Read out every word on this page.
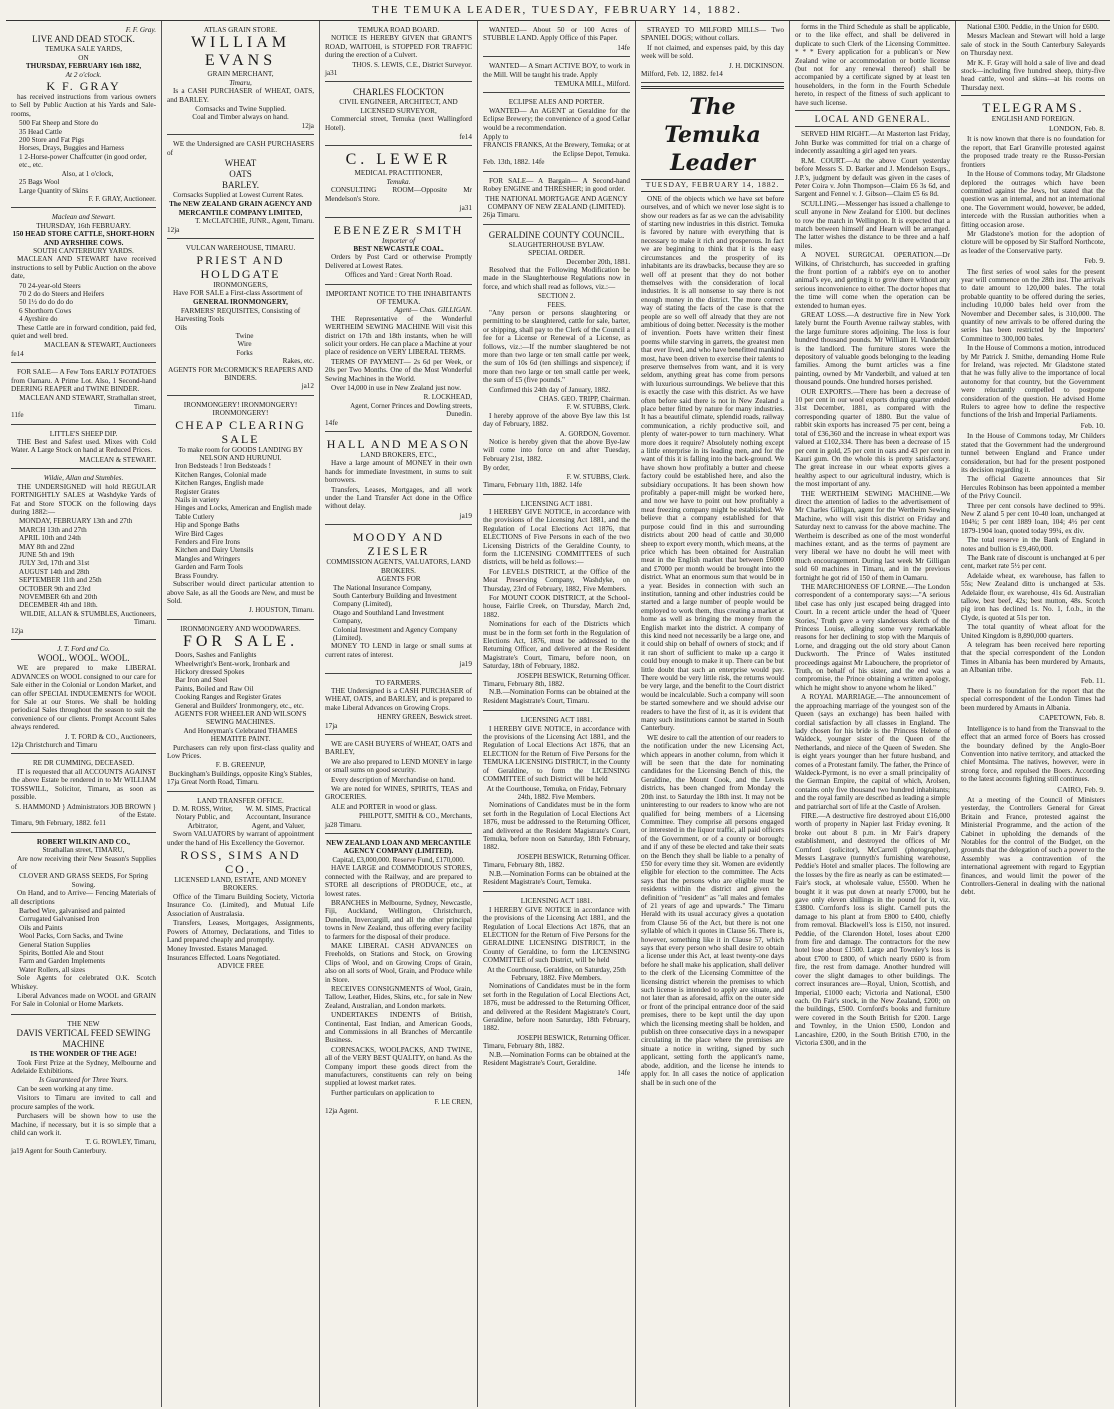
THE TEMUKA LEADER, TUESDAY, FEBRUARY 14, 1882.
F. F. Gray.
LIVE AND DEAD STOCK.
TEMUKA SALE YARDS,
ON
THURSDAY, FEBRUARY 16th 1882,
At 2 o'clock.
K F. GRAY
has received instructions from various owners to Sell by Public Auction at his Yards and Sale-rooms,
500 Fat Sheep and Store do
35 Head Cattle
200 Store and Fat Pigs
Horses, Drays, Buggies and Harness
1 2-Horse-power Chaffcutter (in good order, etc., etc.
Also, at 1 o'clock,
25 Bags Wool
Large Quantity of Skins
F. F. GRAY, Auctioneer.
Maclean and Stewart.
THURSDAY, 16th FEBRUARY.
150 HEAD STORE CATTLE, SHORT-HORN AND AYRSHIRE COWS.
SOUTH CANTERBURY YARDS.
MACLEAN AND STEWART have received instructions to sell by Public Auction on the above date,
70 24-year-old Steers
70 2 do do Steers and Heifers
50 1½ do do do do
6 Shorthorn Cows
4 Ayrshire do
These Cattle are in forward condition, paid fed, quiet and well bred.
MACLEAN & STEWART, Auctioneers
fe14
FOR SALE— A Few Tons EARLY POTATOES from Oamaru. A Prime Lot. Also, 1 Second-hand DEERING REAPER and TWINE BINDER.
MACLEAN AND STEWART, Strathallan street, Timaru.
11fe
LITTLE'S SHEEP DIP.
THE Best and Safest used. Mixes with Cold Water. A Large Stock on hand at Reduced Prices.
MACLEAN & STEWART.
Wildie, Allan and Stumbles.
THE UNDERSIGNED will hold REGULAR FORTNIGHTLY SALES at Washdyke Yards of Fat and Store STOCK on the following days during 1882:—
MONDAY, FEBRUARY 13th and 27th
MARCH 13th and 27th
APRIL 10th and 24th
MAY 8th and 22nd
JUNE 5th and 19th
JULY 3rd, 17th and 31st
AUGUST 14th and 28th
SEPTEMBER 11th and 25th
OCTOBER 9th and 23rd
NOVEMBER 6th and 20th
DECEMBER 4th and 18th.
WILDIE, ALLAN & STUMBLES, Auctioneers, Timaru.
12ja
J. T. Ford and Co.
WOOL. WOOL. WOOL.
WE are prepared to make LIBERAL ADVANCES on WOOL consigned to our care for Sale either in the Colonial or London Market, and can offer SPECIAL INDUCEMENTS for WOOL for Sale at our Stores. We shall be holding periodical Sales throughout the season to suit the convenience of our clients. Prompt Account Sales always rendered.
J. T. FORD & CO., Auctioneers,
12ja Christchurch and Timaru
RE DR CUMMING, DECEASED.
IT is requested that all ACCOUNTS AGAINST the above Estate be rendered in to Mr WILLIAM TOSSWILL, Solicitor, Timaru, as soon as possible.
S. HAMMOND } Administrators JOB BROWN } of the Estate.
Timaru, 9th February, 1882. fe11
ROBERT WILKIN AND CO.,
Strathallan street, TIMARU,
Are now receiving their New Season's Supplies of
CLOVER AND GRASS SEEDS, For Spring Sowing.
On Hand, and to Arrive— Fencing Materials of all descriptions
Barbed Wire, galvanised and painted
Corrugated Galvanised Iron
Oils and Paints
Wool Packs, Corn Sacks, and Twine
General Station Supplies
Spirits, Bottled Ale and Stout
Farm and Garden Implements
Water Rollers, all sizes
Sole Agents for celebrated O.K. Scotch Whiskey.
Liberal Advances made on WOOL and GRAIN For Sale in Colonial or Home Markets.
THE NEW
DAVIS VERTICAL FEED SEWING MACHINE
IS THE WONDER OF THE AGE!
Took First Prize at the Sydney, Melbourne and Adelaide Exhibitions.
Is Guaranteed for Three Years.
Can be seen working at any time.
Visitors to Timaru are invited to call and procure samples of the work.
Purchasers will be shown how to use the Machine, if necessary, but it is so simple that a child can work it.
T. G. ROWLEY, Timaru,
ja19 Agent for South Canterbury.
ATLAS GRAIN STORE.
WILLIAM EVANS
GRAIN MERCHANT,
Timaru,
Is a CASH PURCHASER of WHEAT, OATS, and BARLEY.
Cornsacks and Twine Supplied.
Coal and Timber always on hand.
12ja
WE the Undersigned are CASH PURCHASERS of
WHEAT
OATS
BARLEY.
Cornsacks Supplied at Lowest Current Rates.
The NEW ZEALAND GRAIN AGENCY AND MERCANTILE COMPANY LIMITED,
T. McCLATCHIE, JUNR., Agent, Timaru.
12ja
VULCAN WAREHOUSE, TIMARU.
PRIEST AND HOLDGATE
IRONMONGERS,
Have FOR SALE a First-class Assortment of
GENERAL IRONMONGERY,
FARMERS' REQUISITES, Consisting of
Harvesting Tools
Oils
Twine
Wire
Forks
Rakes, etc.
AGENTS FOR McCORMICK'S REAPERS AND BINDERS.
ja12
IRONMONGERY! IRONMONGERY! IRONMONGERY!
CHEAP CLEARING SALE
To make room for GOODS LANDING BY NELSON AND HURUNUI.
Iron Bedsteads ! Iron Bedsteads !
Kitchen Ranges, Colonial made
Kitchen Ranges, English made
Register Grates
Nails in variety
Hinges and Locks, American and English made
Table Cutlery
Hip and Sponge Baths
Wire Bird Cages
Fenders and Fire Irons
Kitchen and Dairy Utensils
Mangles and Wringers
Garden and Farm Tools
Brass Foundry.
Subscriber would direct particular attention to above Sale, as all the Goods are New, and must be Sold.
J. HOUSTON, Timaru.
IRONMONGERY AND WOODWARES.
FOR SALE.
Doors, Sashes and Fanlights
Wheelwright's Bent-work, Ironbark and Hickory dressed Spokes
Bar Iron and Steel
Paints, Boiled and Raw Oil
Cooking Ranges and Register Grates
General and Builders' Ironmongery, etc., etc.
AGENTS FOR WHEELER AND WILSON'S SEWING MACHINES.
And Honeyman's Celebrated THAMES HEMATITE PAINT.
Purchasers can rely upon first-class quality and Low Prices.
F. B. GREENUP,
Buckingham's Buildings, opposite King's Stables,
17ja Great North Road, Timaru.
LAND TRANSFER OFFICE.
D. M. ROSS, Writer, Notary Public, and Arbitrator,
W. M. SIMS, Practical Accountant, Insurance Agent, and Valuer,
Sworn VALUATORS by warrant of appointment under the hand of His Excellency the Governor.
ROSS, SIMS AND CO.,
LICENSED LAND, ESTATE, AND MONEY BROKERS.
Office of the Timaru Building Society, Victoria Insurance Co. (Limited), and Mutual Life Association of Australasia.
Transfers, Leases, Mortgages, Assignments, Powers of Attorney, Declarations, and Titles to Land prepared cheaply and promptly.
Money Invested. Estates Managed.
Insurances Effected. Loans Negotiated.
ADVICE FREE
TEMUKA ROAD BOARD.
NOTICE IS HEREBY GIVEN that GRANT'S ROAD, WAITOHI, is STOPPED FOR TRAFFIC during the erection of a Culvert.
THOS. S. LEWIS, C.E., District Surveyor.
ja31
CHARLES FLOCKTON
CIVIL ENGINEER, ARCHITECT, AND LICENSED SURVEYOR,
Commercial street, Temuka (next Wallingford Hotel).
fe14
C. LEWER
MEDICAL PRACTITIONER,
Temuka.
CONSULTING ROOM—Opposite Mr Mendelson's Store.
ja31
EBENEZER SMITH
Importer of
BEST NEWCASTLE COAL.
Orders by Post Card or otherwise Promptly Delivered at Lowest Rates.
Offices and Yard : Great North Road.
IMPORTANT NOTICE TO THE INHABITANTS OF TEMUKA.
Agent— Chas. GILLIGAN.
THE Representative of the Wonderful WERTHEIM SEWING MACHINE Will visit this district on 17th and 18th instants, when he will solicit your orders. He can place a Machine at your place of residence on VERY LIBERAL TERMS.
TERMS OF PAYMENT— 2s 6d per Week, or 20s per Two Months. One of the Most Wonderful Sewing Machines in the World.
Over 14,000 in use in New Zealand just now.
R. LOCKHEAD,
Agent, Corner Princes and Dowling streets, Dunedin.
14fe
HALL AND MEASON
LAND BROKERS, ETC.,
Have a large amount of MONEY in their own hands for immediate Investment, in sums to suit borrowers.
Transfers, Leases, Mortgages, and all work under the Land Transfer Act done in the Office without delay.
ja19
MOODY AND ZIESLER
COMMISSION AGENTS, VALUATORS, LAND BROKERS.
AGENTS FOR
The National Insurance Company,
South Canterbury Building and Investment Company (Limited),
Otago and Southland Land Investment Company,
Colonial Investment and Agency Company (Limited).
MONEY TO LEND in large or small sums at current rates of interest.
ja19
TO FARMERS.
THE Undersigned is a CASH PURCHASER of WHEAT, OATS, and BARLEY, and is prepared to make Liberal Advances on Growing Crops.
HENRY GREEN, Beswick street.
17ja
WE are CASH BUYERS of WHEAT, OATS and BARLEY,
We are also prepared to LEND MONEY in large or small sums on good security.
Every description of Merchandise on hand.
We are noted for WINES, SPIRITS, TEAS and GROCERIES.
ALE and PORTER in wood or glass.
PHILPOTT, SMITH & CO., Merchants,
ja28 Timaru.
NEW ZEALAND LOAN AND MERCANTILE AGENCY COMPANY (LIMITED).
Capital, £3,000,000. Reserve Fund, £170,000.
HAVE LARGE and COMMODIOUS STORES, connected with the Railway, and are prepared to STORE all descriptions of PRODUCE, etc., at lowest rates.
BRANCHES in Melbourne, Sydney, Newcastle, Fiji, Auckland, Wellington, Christchurch, Dunedin, Invercargill, and all the other principal towns in New Zealand, thus offering every facility to farmers for the disposal of their produce.
MAKE LIBERAL CASH ADVANCES on Freeholds, on Stations and Stock, on Growing Clips of Wool, and on Growing Crops of Grain, also on all sorts of Wool, Grain, and Produce while in Store.
RECEIVES CONSIGNMENTS of Wool, Grain, Tallow, Leather, Hides, Skins, etc., for sale in New Zealand, Australian, and London markets.
UNDERTAKES INDENTS of British, Continental, East Indian, and American Goods, and Commissions in all Branches of Mercantile Business.
CORNSACKS, WOOLPACKS, AND TWINE, all of the VERY BEST QUALITY, on hand. As the Company import these goods direct from the manufacturers, constituents can rely on being supplied at lowest market rates.
Further particulars on application to
F. LE CREN,
12ja Agent.
WANTED— About 50 or 100 Acres of STUBBLE LAND. Apply Office of this Paper.
14fe
WANTED— A Smart ACTIVE BOY, to work in the Mill. Will be taught his trade. Apply
TEMUKA MILL, Milford.
ECLIPSE ALES AND PORTER.
WANTED— An AGENT at Geraldine for the Eclipse Brewery; the convenience of a good Cellar would be a recommendation.
Apply to
FRANCIS FRANKS, At the Brewery, Temuka; or at the Eclipse Depot, Temuka.
Feb. 13th, 1882. 14fe
FOR SALE— A Bargain— A Second-hand Robey ENGINE and THRESHER; in good order.
THE NATIONAL MORTGAGE AND AGENCY COMPANY OF NEW ZEALAND (LIMITED).
26ja Timaru.
GERALDINE COUNTY COUNCIL.
SLAUGHTERHOUSE BYLAW.
SPECIAL ORDER.
December 20th, 1881.
Resolved that the Following Modification be made in the Slaughterhouse Regulations now in force, and which shall read as follows, viz.:—
SECTION 2.
FEES.
"Any person or persons slaughtering or permitting to be slaughtered, cattle for sale, barter, or shipping, shall pay to the Clerk of the Council a fee for a License or Renewal of a License, as follows, viz.:—If the number slaughtered be not more than two large or ten small cattle per week, the sum of 10s 6d (ten shillings and sixpence); if more than two large or ten small cattle per week, the sum of £5 (five pounds."
Confirmed this 24th day of January, 1882.
CHAS. GEO. TRIPP, Chairman.
F. W. STUBBS, Clerk.
I hereby approve of the above Bye law this 1st day of February, 1882.
A. GORDON, Governor.
Notice is hereby given that the above Bye-law will come into force on and after Tuesday, February 21st, 1882.
By order,
F. W. STUBBS, Clerk.
Timaru, February 11th, 1882. 14fe
LICENSING ACT 1881.
I HEREBY GIVE NOTICE, in accordance with the provisions of the Licensing Act 1881, and the Regulation of Local Elections Act 1876, that ELECTIONS of Five Persons in each of the two Licensing Districts of the Geraldine County, to form the LICENSING COMMITTEES of such districts, will be held as follows:—
For LEVELS DISTRICT, at the Office of the Meat Preserving Company, Washdyke, on Thursday, 23rd of February, 1882, Five Members.
For MOUNT COOK DISTRICT, at the School-house, Fairlie Creek, on Thursday, March 2nd, 1882.
Nominations for each of the Districts which must be in the form set forth in the Regulation of Elections Act, 1876, must be addressed to the Returning Officer, and delivered at the Resident Magistrate's Court, Timaru, before noon, on Saturday, 18th of February, 1882.
JOSEPH BESWICK, Returning Officer.
Timaru, February 8th, 1882.
N.B.—Nomination Forms can be obtained at the Resident Magistrate's Court, Timaru.
LICENSING ACT 1881.
I HEREBY GIVE NOTICE, in accordance with the provisions of the Licensing Act 1881, and the Regulation of Local Elections Act 1876, that an ELECTION for the Return of Five Persons for the TEMUKA LICENSING DISTRICT, in the County of Geraldine, to form the LICENSING COMMITTEE of such District will be held
At the Courthouse, Temuka, on Friday, February 24th, 1882. Five Members.
Nominations of Candidates must be in the form set forth in the Regulation of Local Elections Act 1876, must be addressed to the Returning Officer, and delivered at the Resident Magistrate's Court, Temuka, before noon on Saturday, 18th February, 1882.
JOSEPH BESWICK, Returning Officer.
Timaru, February 8th, 1882.
N.B.—Nomination Forms can be obtained at the Resident Magistrate's Court, Temuka.
LICENSING ACT 1881.
I HEREBY GIVE NOTICE in accordance with the provisions of the Licensing Act 1881, and the Regulation of Local Elections Act 1876, that an ELECTION for the Return of Five Persons for the GERALDINE LICENSING DISTRICT, in the County of Geraldine, to form the LICENSING COMMITTEE of such District, will be held
At the Courthouse, Geraldine, on Saturday, 25th February, 1882. Five Members.
Nominations of Candidates must be in the form set forth in the Regulation of Local Elections Act, 1876, must be addressed to the Returning Officer, and delivered at the Resident Magistrate's Court, Geraldine, before noon Saturday, 18th February, 1882.
JOSEPH BESWICK, Returning Officer.
Timaru, February 8th, 1882.
N.B.—Nomination Forms can be obtained at the Resident Magistrate's Court, Geraldine.
14fe
STRAYED TO MILFORD MILLS— Two SPANIEL DOGS; without collars.
If not claimed, and expenses paid, by this day week will be sold.
J. H. DICKINSON.
Milford, Feb. 12, 1882. fe14
The Temuka Leader
TUESDAY, FEBRUARY 14, 1882.
ONE of the objects which we have set before ourselves, and of which we never lose sight is to show our readers as far as we can the advisability of starting new industries in this district. Temuka is favored by nature with everything that is necessary to make it rich and prosperous. In fact we are beginning to think that it is the easy circumstances and the prosperity of its inhabitants are its drawbacks, because they are so well off at present that they do not bother themselves with the consideration of local industries. It is all nonsense to say there is not enough money in the district. The more correct way of stating the facts of the case is that the people are so well off already that they are not ambitious of doing better. Necessity is the mother of invention. Poets have written their finest poems while starving in garrets, the greatest men that ever lived, and who have benefitted mankind most, have been driven to exercise their talents to preserve themselves from want, and it is very seldom, anything great has come from persons with luxurious surroundings. We believe that this is exactly the case with this district. As we have often before said there is not in New Zealand a place better fitted by nature for many industries. It has a beautiful climate, splendid roads, railway communication, a richly productive soil, and plenty of water-power to turn machinery. What more does it require? Absolutely nothing except a little enterprise in its leading men, and for the want of this it is falling into the back-ground. We have shown how profitably a butter and cheese factory could be established here, and also the subsidiary occupations. It has been shown how profitably a paper-mill might be worked here, and now we have to point out how profitably a meat freezing company might be established. We believe that a company established for that purpose could find in this and surrounding districts about 200 head of cattle and 30,000 sheep to export every month, which means, at the price which has been obtained for Australian meat in the English market that between £6000 and £7000 per month would be brought into the district. What an enormous sum that would be in a year. Besides in connection with such an institution, tanning and other industries could be started and a large number of people would be employed to work them, thus creating a market at home as well as bringing the money from the English market into the district. A company of this kind need not necessarily be a large one, and it could ship on behalf of owners of stock; and if it ran short of sufficient to make up a cargo it could buy enough to make it up. There can be but little doubt that such an enterprise would pay. There would be very little risk, the returns would be very large, and the benefit to the Court district would be incalculable. Such a company will soon be started somewhere and we should advise our readers to have the first of it, as it is evident that many such institutions cannot be started in South Canterbury.
WE desire to call the attention of our readers to the notification under the new Licensing Act, which appears in another column, from which it will be seen that the date for nominating candidates for the Licensing Bench of this, the Geraldine, the Mount Cook, and the Levels districts, has been changed from Monday the 20th inst. to Saturday the 18th inst. It may not be uninteresting to our readers to know who are not qualified for being members of a Licensing Committee. They comprise all persons engaged or interested in the liquor traffic, all paid officers of the Government, or of a county or borough; and if any of these be elected and take their seats on the Bench they shall be liable to a penalty of £50 for every time they sit. Women are evidently eligible for election to the committee. The Acts says that the persons who are eligible must be residents within the district and given the definition of "resident" as "all males and females of 21 years of age and upwards." The Timaru Herald with its usual accuracy gives a quotation from Clause 56 of the Act, but there is not one syllable of which it quotes in Clause 56. There is, however, something like it in Clause 57, which says that every person who shall desire to obtain a license under this Act, at least twenty-one days before he shall make his application, shall deliver to the clerk of the Licensing Committee of the licensing district wherein the premises to which such license is intended to apply are situate, and not later than as aforesaid, affix on the outer side or front of the principal entrance door of the said premises, there to be kept until the day upon which the licensing meeting shall be holden, and publish on three consecutive days in a newspaper circulating in the place where the premises are situate a notice in writing, signed by such applicant, setting forth the applicant's name, abode, addition, and the license he intends to apply for. In all cases the notice of application shall be in such one of the
forms in the Third Schedule as shall be applicable, or to the like effect, and shall be delivered in duplicate to such Clerk of the Licensing Committee. * * * Every application for a publican's or New Zealand wine or accommodation or bottle license (but not for any renewal thereof) shall be accompanied by a certificate signed by at least ten householders, in the form in the Fourth Schedule hereto, in respect of the fitness of such applicant to have such license.
LOCAL AND GENERAL.
SERVED HIM RIGHT.—At Masterton last Friday, John Burke was committed for trial on a charge of indecently assaulting a girl aged ten years.
R.M. COURT.—At the above Court yesterday before Messrs S. D. Barker and J. Mendelson Esqrs., J.P.'s, judgment by default was given in the cases of Peter Coira v. John Thompson—Claim £6 3s 6d, and Sargent and Fennel v. J. Gibson—Claim £5 6s 8d.
SCULLING.—Messenger has issued a challenge to scull anyone in New Zealand for £100. but declines to row the match in Wellington. It is expected that a match between himself and Hearn will be arranged. The latter wishes the distance to be three and a half miles.
A NOVEL SURGICAL OPERATION.—Dr Wilkins, of Christchurch, has succeeded in grafting the front portion of a rabbit's eye on to another animal's eye, and getting it to grow there without any serious inconvenience to either. The doctor hopes that the time will come when the operation can be extended to human eyes.
GREAT LOSS.—A destructive fire in New York lately burnt the Fourth Avenue railway stables, with the large furniture stores adjoining. The loss is four hundred thousand pounds. Mr William H. Vanderbilt is the landlord. The furniture stores were the depository of valuable goods belonging to the leading families. Among the burnt articles was a fine painting, owned by Mr Vanderbilt, and valued at ten thousand pounds. One hundred horses perished.
OUR EXPORTS.—There has been a decrease of 10 per cent in our wool exports during quarter ended 31st December, 1881, as compared with the corresponding quarter of 1880. But the value of rabbit skin exports has increased 75 per cent, being a total of £36,360 and the increase in wheat export was valued at £102,334. There has been a decrease of 15 per cent in gold, 25 per cent in oats and 43 per cent in Kauri gum. On the whole this is pretty satisfactory. The great increase in our wheat exports gives a healthy aspect to our agricultural industry, which is the most important of any.
THE WERTHEIM SEWING MACHINE.—We direct the attention of ladies to the advertisement of Mr Charles Gilligan, agent for the Wertheim Sewing Machine, who will visit this district on Friday and Saturday next to canvass for the above machine. The Wertheim is described as one of the most wonderful machines extant, and as the terms of payment are very liberal we have no doubt he will meet with much encouragement. During last week Mr Gilligan sold 60 machines in Timaru, and in the previous fortnight he got rid of 150 of them in Oamaru.
THE MARCHIONESS OF LORNE.—The London correspondent of a contemporary says:—"A serious libel case has only just escaped being dragged into Court. In a recent article under the head of 'Queer Stories,' Truth gave a very slanderous sketch of the Princess Louise, alleging some very remarkable reasons for her declining to stop with the Marquis of Lorne, and dragging out the old story about Canon Duckworth. The Prince of Wales instituted proceedings against Mr Labouchere, the proprietor of Truth, on behalf of his sister, and the end was a compromise, the Prince obtaining a written apology, which he might show to anyone whom he liked."
A ROYAL MARRIAGE.—The announcement of the approaching marriage of the youngest son of the Queen (says an exchange) has been hailed with cordial satisfaction by all classes in England. The lady chosen for his bride is the Princess Helene of Waldeck, younger sister of the Queen of the Netherlands, and niece of the Queen of Sweden. She is eight years younger than her future husband, and comes of a Protestant family. The father, the Prince of Waldeck-Pyrmont, is no ever a small principality of the German Empire, the capital of which, Arolsen, contains only five thousand two hundred inhabitants; and the royal family are described as leading a simple and patriarchal sort of life at the Castle of Arolsen.
FIRE.—A destructive fire destroyed about £16,000 worth of property in Napier last Friday evening. It broke out about 8 p.m. in Mr Fair's drapery establishment, and destroyed the offices of Mr Cornford (solicitor), McCarrell (photographer), Messrs Lasgrave (tunnyth's furnishing warehouse, Peddie's Hotel and smaller places. The following are the losses by the fire as nearly as can be estimated:—Fair's stock, at wholesale value, £5500. When he bought it it was put down at nearly £7000, but he gave only eleven shillings in the pound for it, viz. £3800. Cornford's loss is slight. Carnell puts the damage to his plant at from £800 to £400, chiefly from removal. Blackwell's loss is £150, not insured. Peddie, of the Clarendon Hotel, loses about £200 from fire and damage. The contractors for the new hotel lose about £1500. Large and Townley's loss is about £700 to £800, of which nearly £600 is from fire, the rest from damage. Another hundred will cover the slight damages to other buildings. The correct insurances are—Royal, Union, Scottish, and Imperial, £1000 each; Victoria and National, £500 each. On Fair's stock, in the New Zealand, £200; on the buildings, £500. Cornford's books and furniture were covered in the South British for £200. Large and Townley, in the Union £500, London and Lancashire, £200, in the South British £700, in the Victoria £300, and in the
National £300. Peddie, in the Union for £600.
Messrs Maclean and Stewart will hold a large sale of stock in the South Canterbury Saleyards on Thursday next.
Mr K. F. Gray will hold a sale of live and dead stock—including five hundred sheep, thirty-five head cattle, wool and skins—at his rooms on Thursday next.
TELEGRAMS.
ENGLISH AND FOREIGN.
LONDON, Feb. 8.
It is now known that there is no foundation for the report, that Earl Granville protested against the proposed trade treaty re the Russo-Persian frontiers
In the House of Commons today, Mr Gladstone deplored the outrages which have been committed against the Jews, but stated that the question was an internal, and not an international one. The Government would, however, be added, intercede with the Russian authorities when a fitting occasion arose.
Mr Gladstone's motion for the adoption of cloture will be opposed by Sir Stafford Northcote, as leader of the Conservative party.
Feb. 9.
The first series of wool sales for the present year will commence on the 28th inst. The arrivals to date amount to 120,000 bales. The total probable quantity to be offered during the series, including 10,000 bales held over from the November and December sales, is 310,000. The quantity of new arrivals to be offered during the series has been restricted by the Importers' Committee to 300,000 bales.
In the House of Commons a motion, introduced by Mr Patrick J. Smithe, demanding Home Rule for Ireland, was rejected. Mr Gladstone stated that he was fully alive to the importance of local autonomy for that country, but the Government were reluctantly compelled to postpone consideration of the question. He advised Home Rulers to agree how to define the respective functions of the Irish and Imperial Parliaments.
Feb. 10.
In the House of Commons today, Mr Childers stated that the Government had the underground tunnel between England and France under consideration, but had for the present postponed its decision regarding it.
The official Gazette announces that Sir Hercules Robinson has been appointed a member of the Privy Council.
Three per cent consols have declined to 99¾. New Z aland 5 per cent 10-40 loan, unchanged at 104¾; 5 per cent 1889 loan, 104; 4½ per cent 1879-1904 loan, quoted today 99¼, ex div.
The total reserve in the Bank of England in notes and bullion is £9,460,000.
The Bank rate of discount is unchanged at 6 per cent, market rate 5½ per cent.
Adelaide wheat, ex warehouse, has fallen to 55s; New Zealand ditto is unchanged at 53s. Adelaide flour, ex warehouse, 41s 6d. Australian tallow, best beef, 42s; best mutton, 48s. Scotch pig iron has declined 1s. No. 1, f.o.b., in the Clyde, is quoted at 51s per ton.
The total quantity of wheat afloat for the United Kingdom is 8,890,000 quarters.
A telegram has been received here reporting that the special correspondent of the London Times in Albania has been murdered by Arnauts, an Albanian tribe.
Feb. 11.
There is no foundation for the report that the special correspondent of the London Times had been murdered by Arnauts in Albania.
CAPETOWN, Feb. 8.
Intelligence is to hand from the Transvaal to the effect that an armed force of Boers has crossed the boundary defined by the Anglo-Boer Convention into native territory, and attacked the chief Montsima. The natives, however, were in strong force, and repulsed the Boers. According to the latest accounts fighting still continues.
CAIRO, Feb. 9.
At a meeting of the Council of Ministers yesterday, the Controllers General for Great Britain and France, protested against the Ministerial Programme, and the action of the Cabinet in upholding the demands of the Notables for the control of the Budget, on the grounds that the delegation of such a power to the Assembly was a contravention of the international agreement with regard to Egyptian finances, and would limit the power of the Controllers-General in dealing with the national debt.
